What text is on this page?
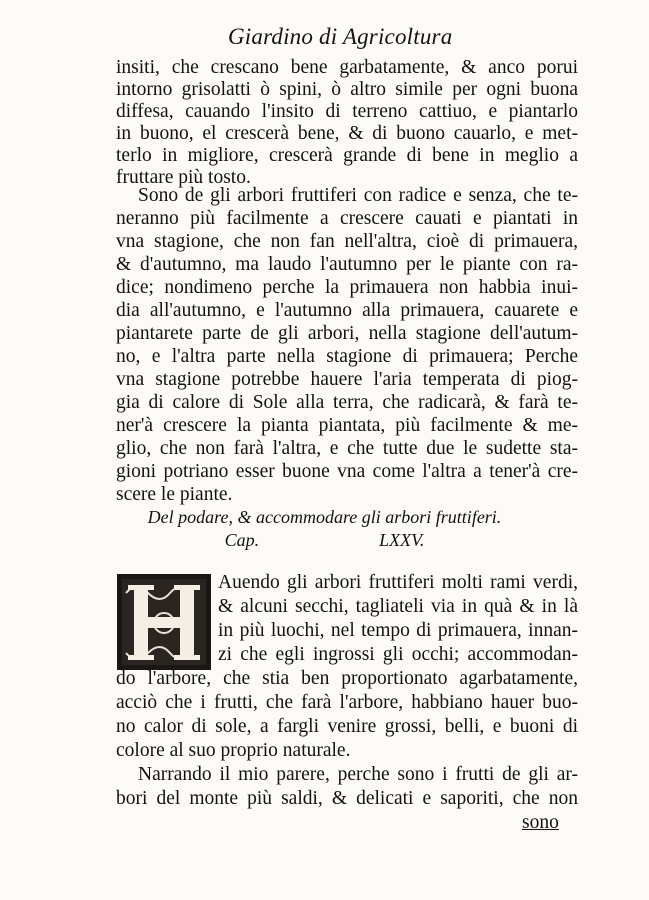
Giardino di Agricoltura
insiti, che crescano bene garbatamente, & anco porui
intorno grisolatti ò spini, ò altro simile per ogni buona
diffesa, cauando l'insito di terreno cattiuo, e piantarlo
in buono, el crescerà bene, & di buono cauarlo, e met-
terlo in migliore, crescerà grande di bene in meglio a
fruttare più tosto.
Sono de gli arbori fruttiferi con radice e senza, che te-
neranno più facilmente a crescere cauati e piantati in
vna stagione, che non fan nell'altra, cioè di primauera,
& d'autumno, ma laudo l'autumno per le piante con ra-
dice; nondimeno perche la primauera non habbia inui-
dia all'autumno, e l'autumno alla primauera, cauarete e
piantarete parte de gli arbori, nella stagione dell'autum-
no, e l'altra parte nella stagione di primauera; Perche
vna stagione potrebbe hauere l'aria temperata di piog-
gia di calore di Sole alla terra, che radicarà, & farà te-
ner'à crescere la pianta piantata, più facilmente & me-
glio, che non farà l'altra, e che tutte due le sudette sta-
gioni potriano esser buone vna come l'altra a tener'à cre-
scere le piante.
Del podare, & accommodare gli arbori fruttiferi.
Cap.	LXXV.
Auendo gli arbori fruttiferi molti rami verdi,
& alcuni secchi, tagliateli via in quà & in là
in più luochi, nel tempo di primauera, innan-
zi che egli ingrossi gli occhi; accommodan-
do l'arbore, che stia ben proportionato agarbatamente,
acciò che i frutti, che farà l'arbore, habbiano hauer buo-
no calor di sole, a fargli venire grossi, belli, e buoni di
colore al suo proprio naturale.
Narrando il mio parere, perche sono i frutti de gli ar-
bori del monte più saldi, & delicati e saporiti, che non
sono
